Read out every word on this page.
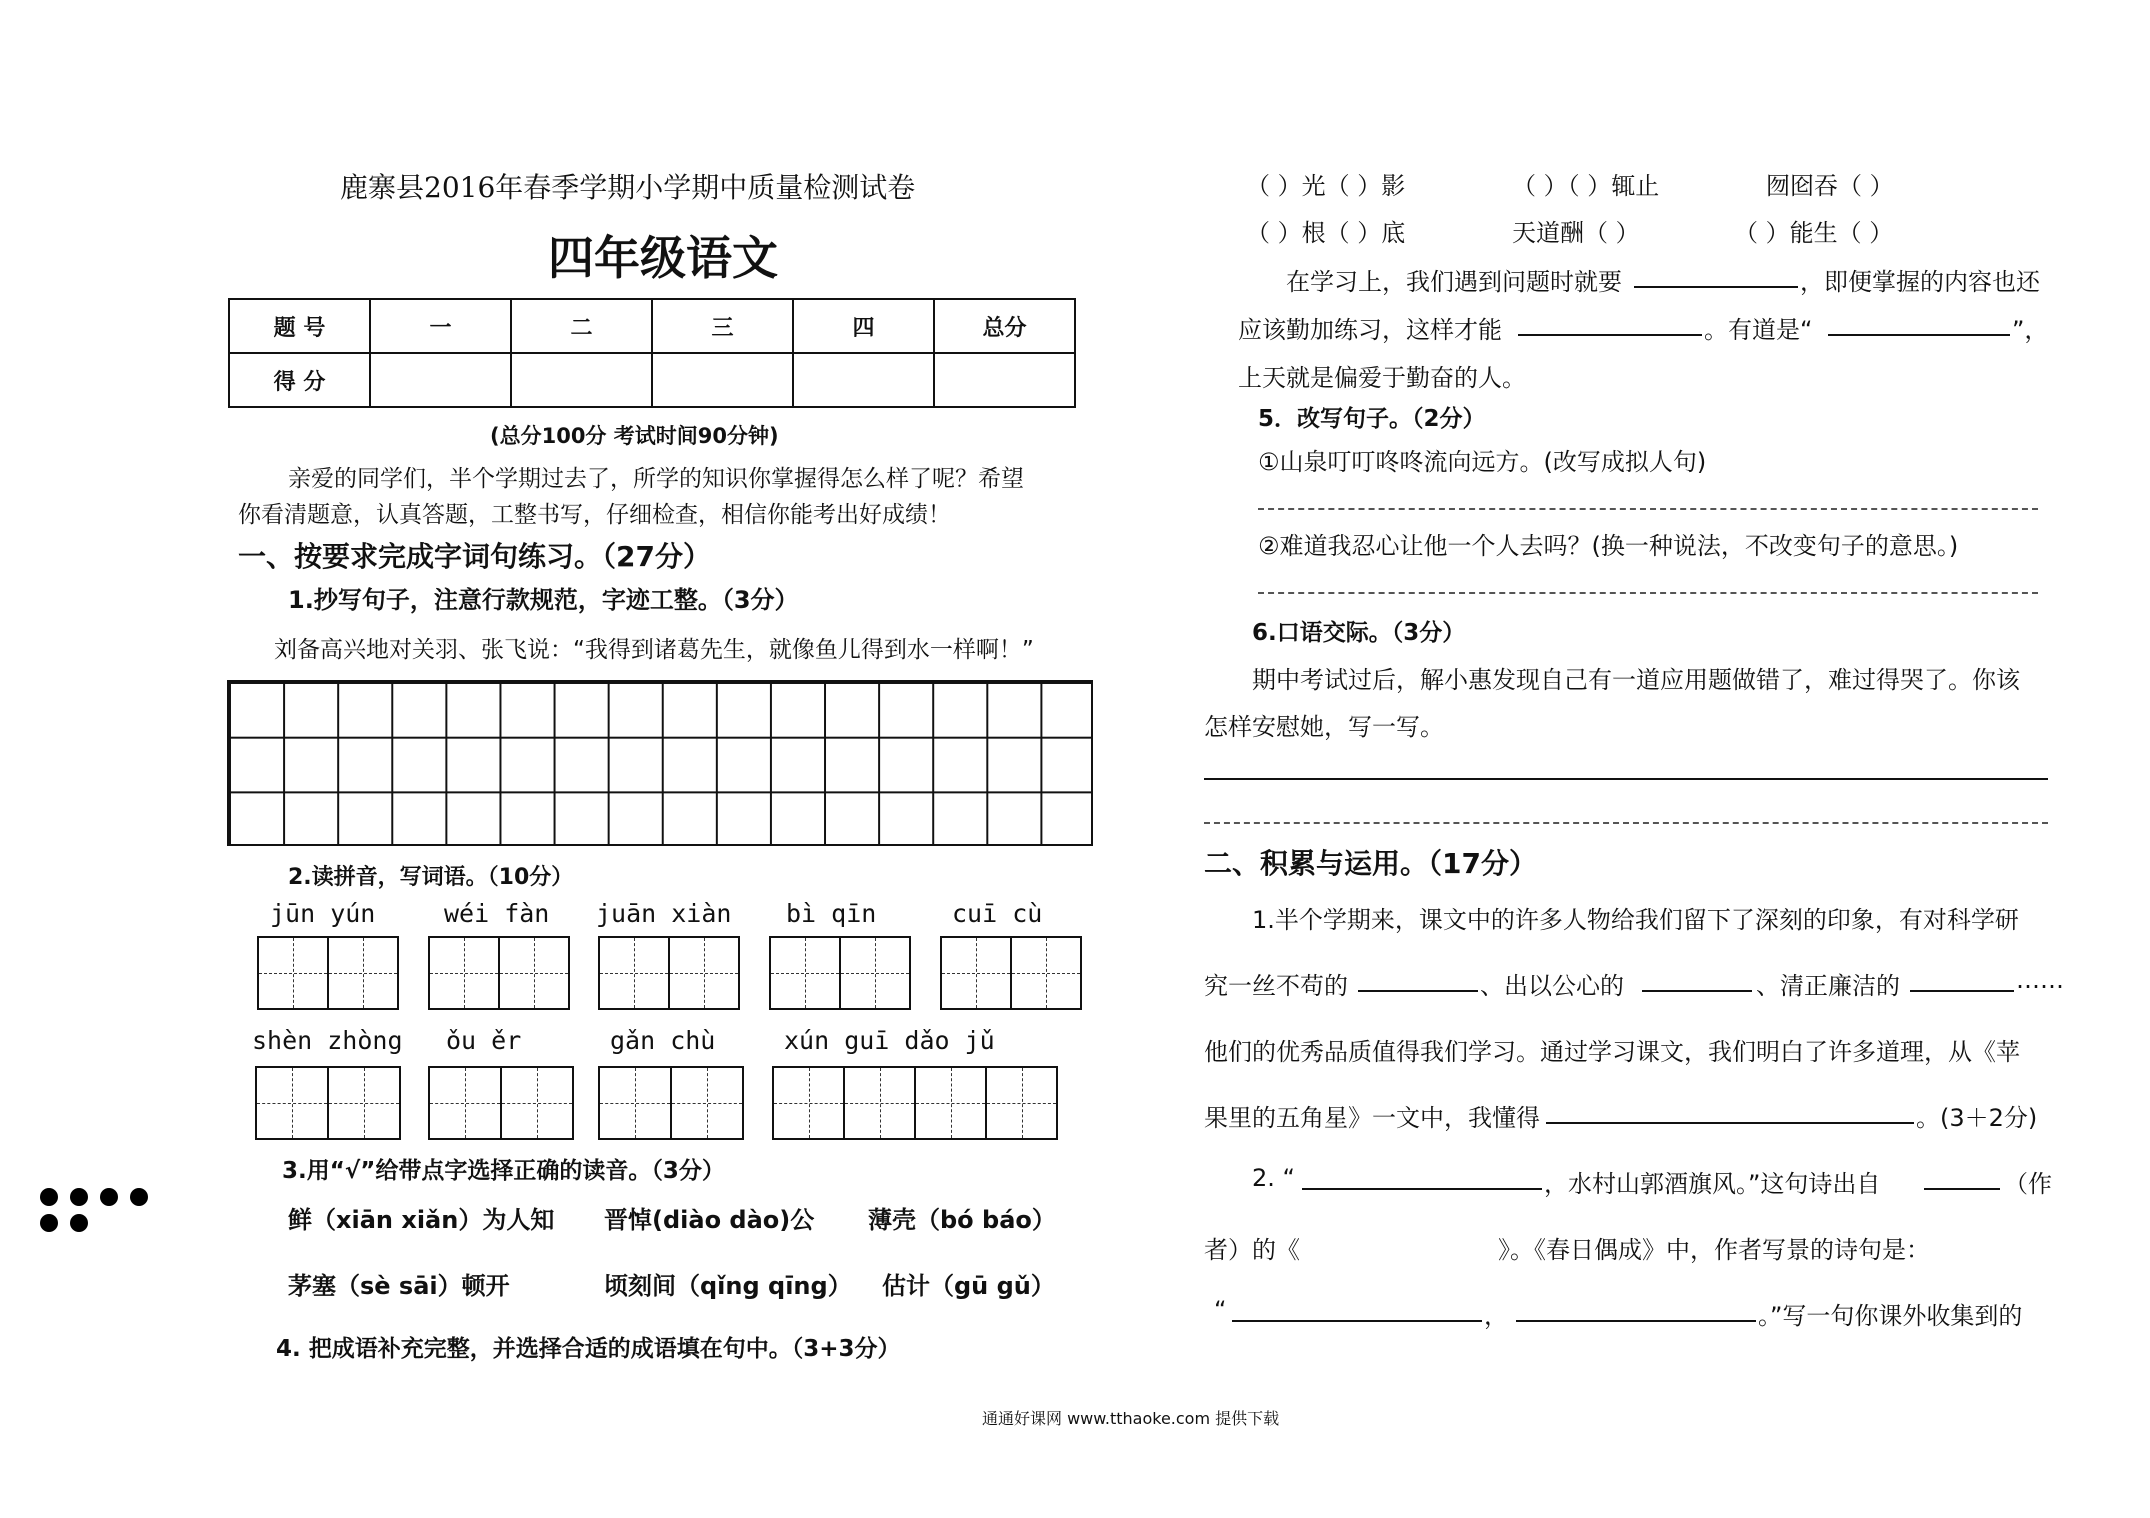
鹿寨县2016年春季学期小学期中质量检测试卷
四年级语文
题 号	一	二	三	四	总分
得 分					
(总分100分 考试时间90分钟)
亲爱的同学们，半个学期过去了，所学的知识你掌握得怎么样了呢？希望
你看清题意，认真答题，工整书写，仔细检查，相信你能考出好成绩！
一、按要求完成字词句练习。（27分）
1.抄写句子，注意行款规范，字迹工整。（3分）
刘备高兴地对关羽、张飞说：“我得到诸葛先生，就像鱼儿得到水一样啊！”
2.读拼音，写词语。（10分）
jūn yún	wéi fàn juān xiàn bì qīn	cuī cù
shèn zhòng ǒu ěr	gǎn chù	xún guī dǎo jǔ
3.用“√”给带点字选择正确的读音。（3分）
鲜（xiān xiǎn）为人知 晋悼(diào dào)公 薄壳（bó báo）
茅塞（sè sāi）顿开	顷刻间（qǐng qīng） 估计（gū gǔ）
4. 把成语补充完整，并选择合适的成语填在句中。（3+3分）
（ ）光（ ）影	（ ）（ ）辄止	囫囵吞（ ）
（ ）根（ ）底	天道酬（ ）	（ ）能生（ ）
在学习上，我们遇到问题时就要	，即便掌握的内容也还
应该勤加练习，这样才能	。有道是“	”，
上天就是偏爱于勤奋的人。
5．改写句子。（2分）
①山泉叮叮咚咚流向远方。(改写成拟人句)
②难道我忍心让他一个人去吗？(换一种说法，不改变句子的意思。)
6.口语交际。（3分）
期中考试过后，解小惠发现自己有一道应用题做错了，难过得哭了。你该
怎样安慰她，写一写。
二、积累与运用。（17分）
1.半个学期来，课文中的许多人物给我们留下了深刻的印象，有对科学研
究一丝不苟的	、出以公心的	、清正廉洁的	……
他们的优秀品质值得我们学习。通过学习课文，我们明白了许多道理，从《苹
果里的五角星》一文中，我懂得	。(3＋2分)
2. “	，水村山郭酒旗风。”这句诗出自	（作
者）的《	》。《春日偶成》中，作者写景的诗句是：
“	，	。”写一句你课外收集到的
通通好课网 www.tthaoke.com 提供下载
